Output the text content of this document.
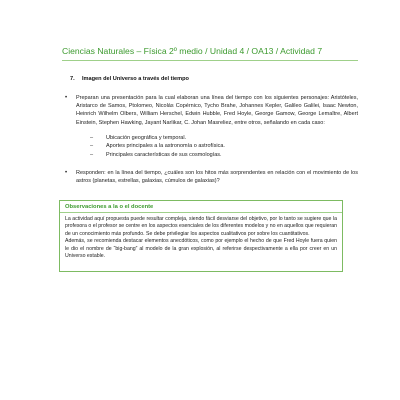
Ciencias Naturales – Física 2º medio / Unidad 4 / OA13 / Actividad 7
7. Imagen del Universo a través del tiempo
• Preparan una presentación para la cual elaboran una línea del tiempo con los siguientes personajes: Aristóteles, Aristarco de Samos, Ptolomeo, Nicolás Copérnico, Tycho Brahe, Johannes Kepler, Galileo Galilei, Isaac Newton, Heinrich Wilhelm Olbers, William Herschel, Edwin Hubble, Fred Hoyle, George Gamow, George Lemaître, Albert Einstein, Stephen Hawking, Jayant Narlikar, C. Johan Masreliez, entre otros, señalando en cada caso:
– Ubicación geográfica y temporal.
– Aportes principales a la astronomía o astrofísica.
– Principales características de sus cosmologías.
• Responden: en la línea del tiempo, ¿cuáles son los hitos más sorprendentes en relación con el movimiento de los astros (planetas, estrellas, galaxias, cúmulos de galaxias)?
Observaciones a la o el docente
La actividad aquí propuesta puede resultar compleja, siendo fácil desviarse del objetivo, por lo tanto se sugiere que la profesora o el profesor se centre en los aspectos esenciales de los diferentes modelos y no en aquellos que requieran de un conocimiento más profundo. Se debe privilegiar los aspectos cualitativos por sobre los cuantitativos.
Además, se recomienda destacar elementos anecdóticos, como por ejemplo el hecho de que Fred Hoyle fuera quien le dio el nombre de “big-bang” al modelo de la gran explosión, al referirse despectivamente a ella por creer en un Universo estable.
